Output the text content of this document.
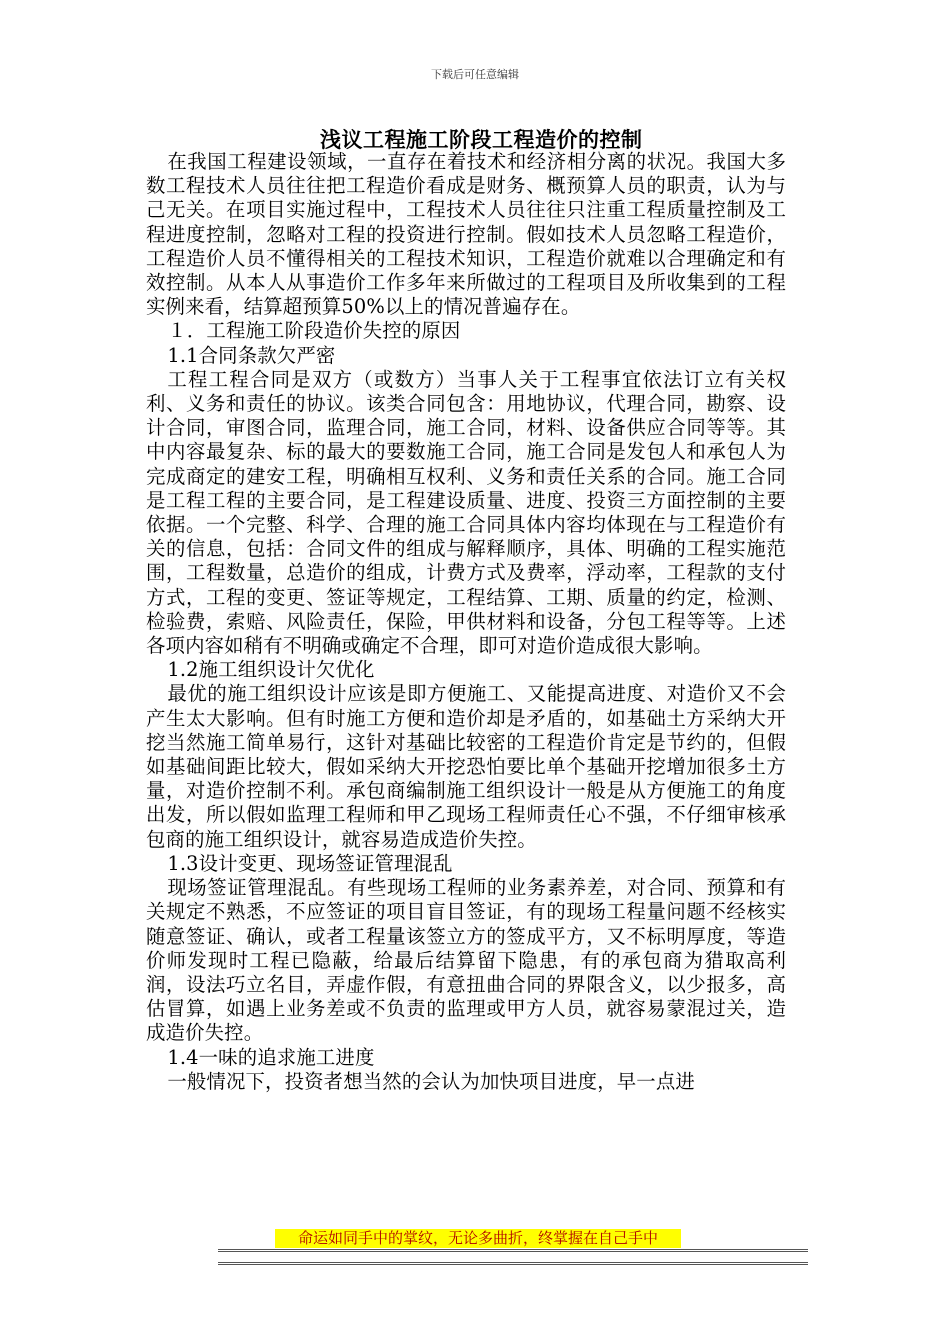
下载后可任意编辑
浅议工程施工阶段工程造价的控制

在我国工程建设领域，一直存在着技术和经济相分离的状况。我国大多数工程技术人员往往把工程造价看成是财务、概预算人员的职责，认为与己无关。在项目实施过程中，工程技术人员往往只注重工程质量控制及工程进度控制，忽略对工程的投资进行控制。假如技术人员忽略工程造价，工程造价人员不懂得相关的工程技术知识，工程造价就难以合理确定和有效控制。从本人从事造价工作多年来所做过的工程项目及所收集到的工程实例来看，结算超预算50%以上的情况普遍存在。

１．工程施工阶段造价失控的原因

1.1合同条款欠严密

工程工程合同是双方（或数方）当事人关于工程事宜依法订立有关权利、义务和责任的协议。该类合同包含：用地协议，代理合同，勘察、设计合同，审图合同，监理合同，施工合同，材料、设备供应合同等等。其中内容最复杂、标的最大的要数施工合同，施工合同是发包人和承包人为完成商定的建安工程，明确相互权利、义务和责任关系的合同。施工合同是工程工程的主要合同，是工程建设质量、进度、投资三方面控制的主要依据。一个完整、科学、合理的施工合同具体内容均体现在与工程造价有关的信息，包括：合同文件的组成与解释顺序，具体、明确的工程实施范围，工程数量，总造价的组成，计费方式及费率，浮动率，工程款的支付方式，工程的变更、签证等规定，工程结算、工期、质量的约定，检测、检验费，索赔、风险责任，保险，甲供材料和设备，分包工程等等。上述各项内容如稍有不明确或确定不合理，即可对造价造成很大影响。

1.2施工组织设计欠优化

最优的施工组织设计应该是即方便施工、又能提高进度、对造价又不会产生太大影响。但有时施工方便和造价却是矛盾的，如基础土方采纳大开挖当然施工简单易行，这针对基础比较密的工程造价肯定是节约的，但假如基础间距比较大，假如采纳大开挖恐怕要比单个基础开挖增加很多土方量，对造价控制不利。承包商编制施工组织设计一般是从方便施工的角度出发，所以假如监理工程师和甲乙现场工程师责任心不强，不仔细审核承包商的施工组织设计，就容易造成造价失控。

1.3设计变更、现场签证管理混乱

现场签证管理混乱。有些现场工程师的业务素养差，对合同、预算和有关规定不熟悉，不应签证的项目盲目签证，有的现场工程量问题不经核实随意签证、确认，或者工程量该签立方的签成平方，又不标明厚度，等造价师发现时工程已隐蔽，给最后结算留下隐患，有的承包商为猎取高利润，设法巧立名目，弄虚作假，有意扭曲合同的界限含义，以少报多，高估冒算，如遇上业务差或不负责的监理或甲方人员，就容易蒙混过关，造成造价失控。

1.4一味的追求施工进度

一般情况下，投资者想当然的会认为加快项目进度，早一点进

命运如同手中的掌纹，无论多曲折，终掌握在自己手中
